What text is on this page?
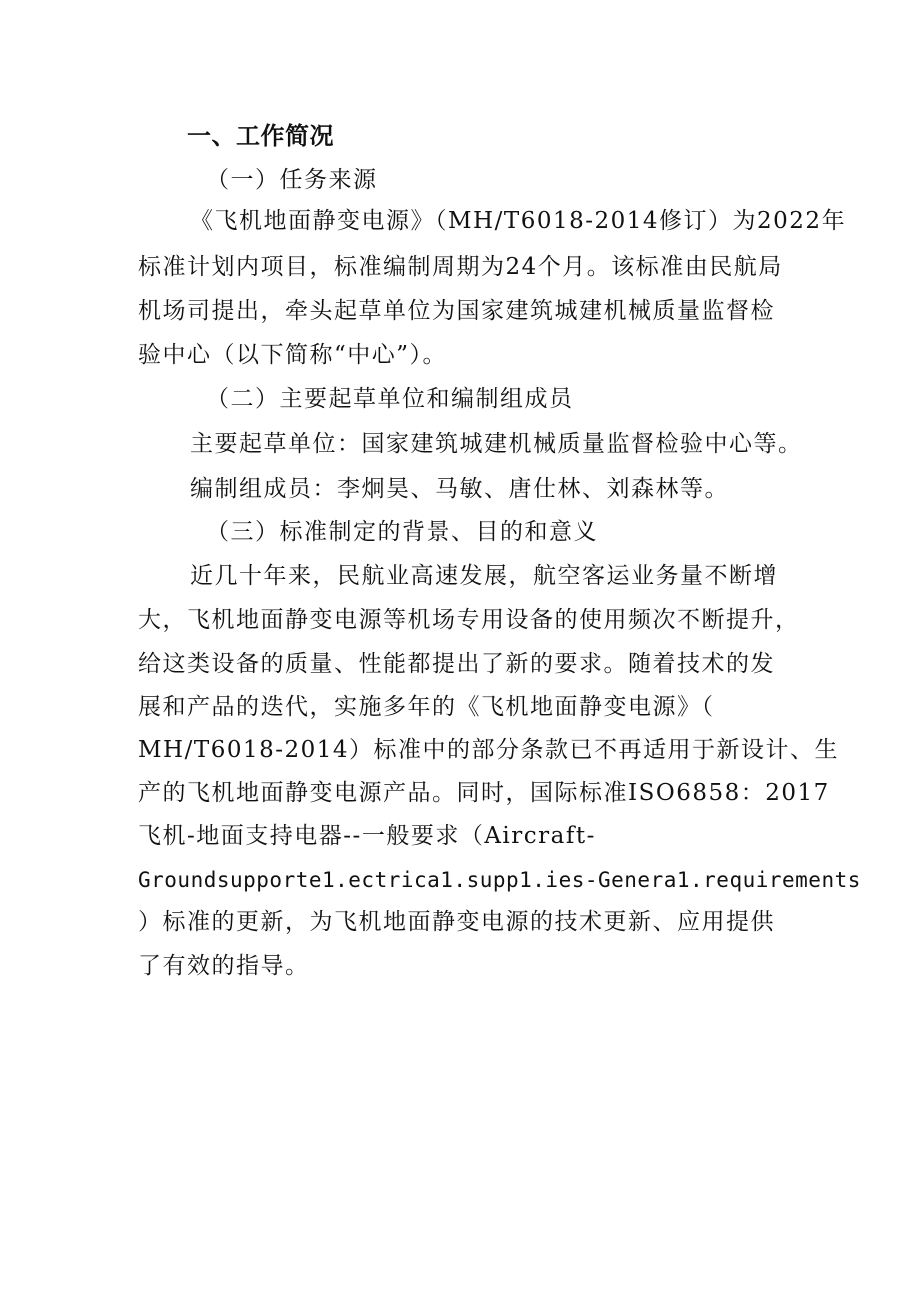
一、工作简况
（一）任务来源
《飞机地面静变电源》（MH/T6018-2014修订）为2022年
标准计划内项目，标准编制周期为24个月。该标准由民航局
机场司提出，牵头起草单位为国家建筑城建机械质量监督检
验中心（以下简称“中心”）。
（二）主要起草单位和编制组成员
主要起草单位：国家建筑城建机械质量监督检验中心等。
编制组成员：李炯昊、马敏、唐仕林、刘森林等。
（三）标准制定的背景、目的和意义
近几十年来，民航业高速发展，航空客运业务量不断增
大，飞机地面静变电源等机场专用设备的使用频次不断提升，
给这类设备的质量、性能都提出了新的要求。随着技术的发
展和产品的迭代，实施多年的《飞机地面静变电源》（
MH/T6018-2014）标准中的部分条款已不再适用于新设计、生
产的飞机地面静变电源产品。同时，国际标准ISO6858：2017
飞机-地面支持电器--一般要求（Aircraft-
Groundsupporte1.ectrica1.supp1.ies-Genera1.requirements
）标准的更新，为飞机地面静变电源的技术更新、应用提供
了有效的指导。
